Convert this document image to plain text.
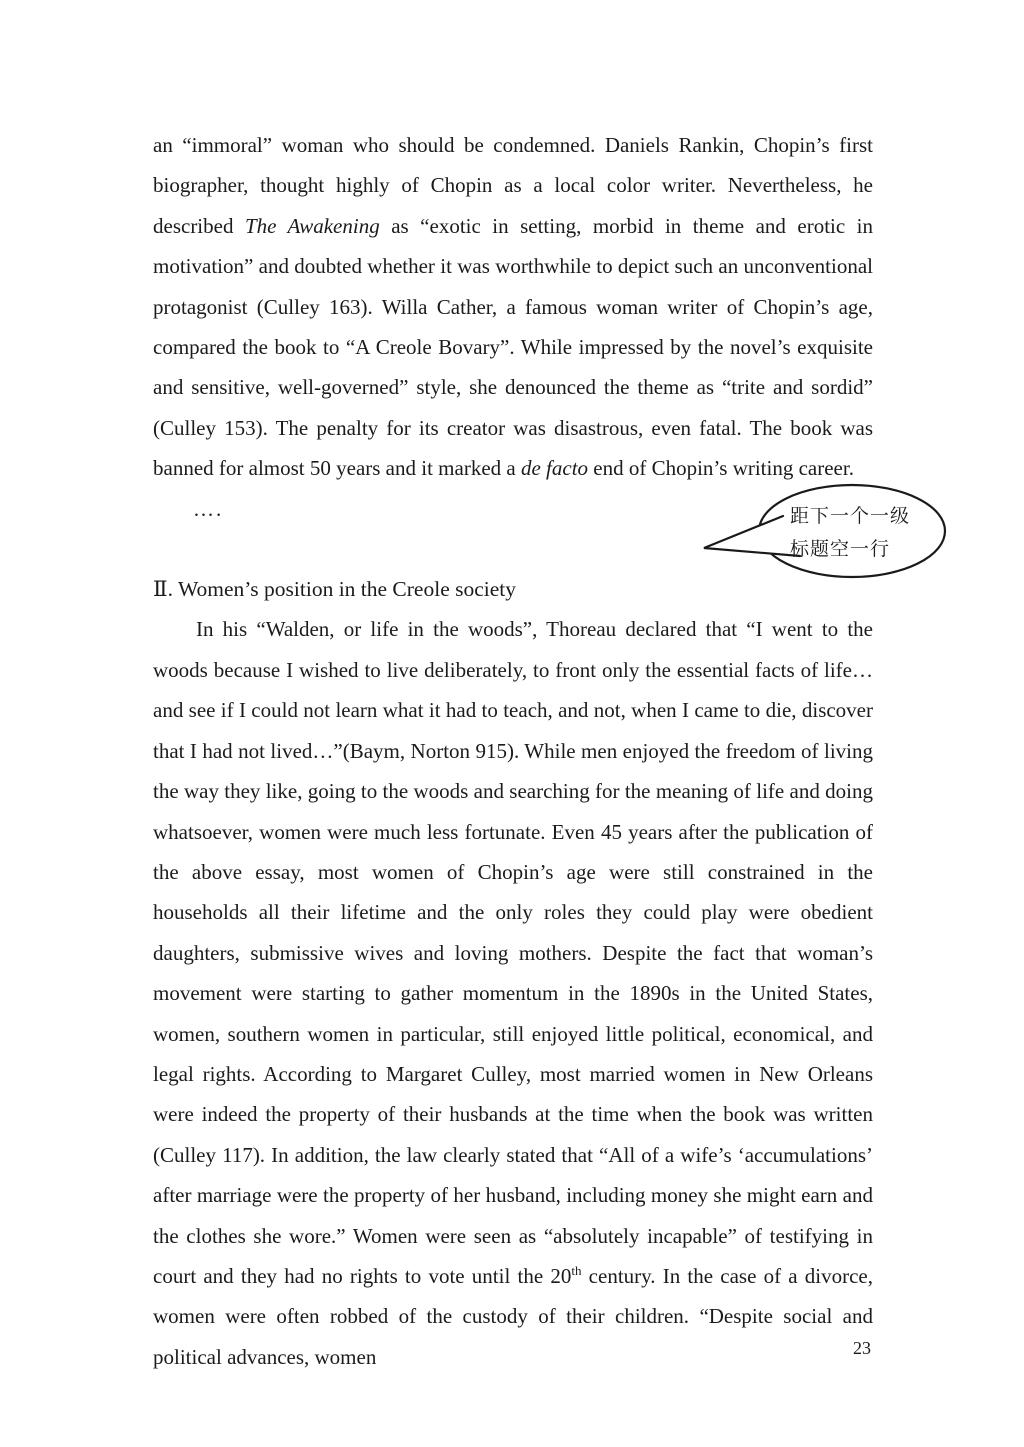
an “immoral” woman who should be condemned. Daniels Rankin, Chopin’s first biographer, thought highly of Chopin as a local color writer. Nevertheless, he described The Awakening as “exotic in setting, morbid in theme and erotic in motivation” and doubted whether it was worthwhile to depict such an unconventional protagonist (Culley 163). Willa Cather, a famous woman writer of Chopin’s age, compared the book to “A Creole Bovary”. While impressed by the novel’s exquisite and sensitive, well-governed” style, she denounced the theme as “trite and sordid” (Culley 153). The penalty for its creator was disastrous, even fatal. The book was banned for almost 50 years and it marked a de facto end of Chopin’s writing career.

….

Ⅱ. Women’s position in the Creole society

In his “Walden, or life in the woods”, Thoreau declared that “I went to the woods because I wished to live deliberately, to front only the essential facts of life…and see if I could not learn what it had to teach, and not, when I came to die, discover that I had not lived…”(Baym, Norton 915). While men enjoyed the freedom of living the way they like, going to the woods and searching for the meaning of life and doing whatsoever, women were much less fortunate. Even 45 years after the publication of the above essay, most women of Chopin’s age were still constrained in the households all their lifetime and the only roles they could play were obedient daughters, submissive wives and loving mothers. Despite the fact that woman’s movement were starting to gather momentum in the 1890s in the United States, women, southern women in particular, still enjoyed little political, economical, and legal rights. According to Margaret Culley, most married women in New Orleans were indeed the property of their husbands at the time when the book was written (Culley 117). In addition, the law clearly stated that “All of a wife’s ‘accumulations’ after marriage were the property of her husband, including money she might earn and the clothes she wore.” Women were seen as “absolutely incapable” of testifying in court and they had no rights to vote until the 20th century. In the case of a divorce, women were often robbed of the custody of their children. “Despite social and political advances, women

距下一个一级
标题空一行
23
